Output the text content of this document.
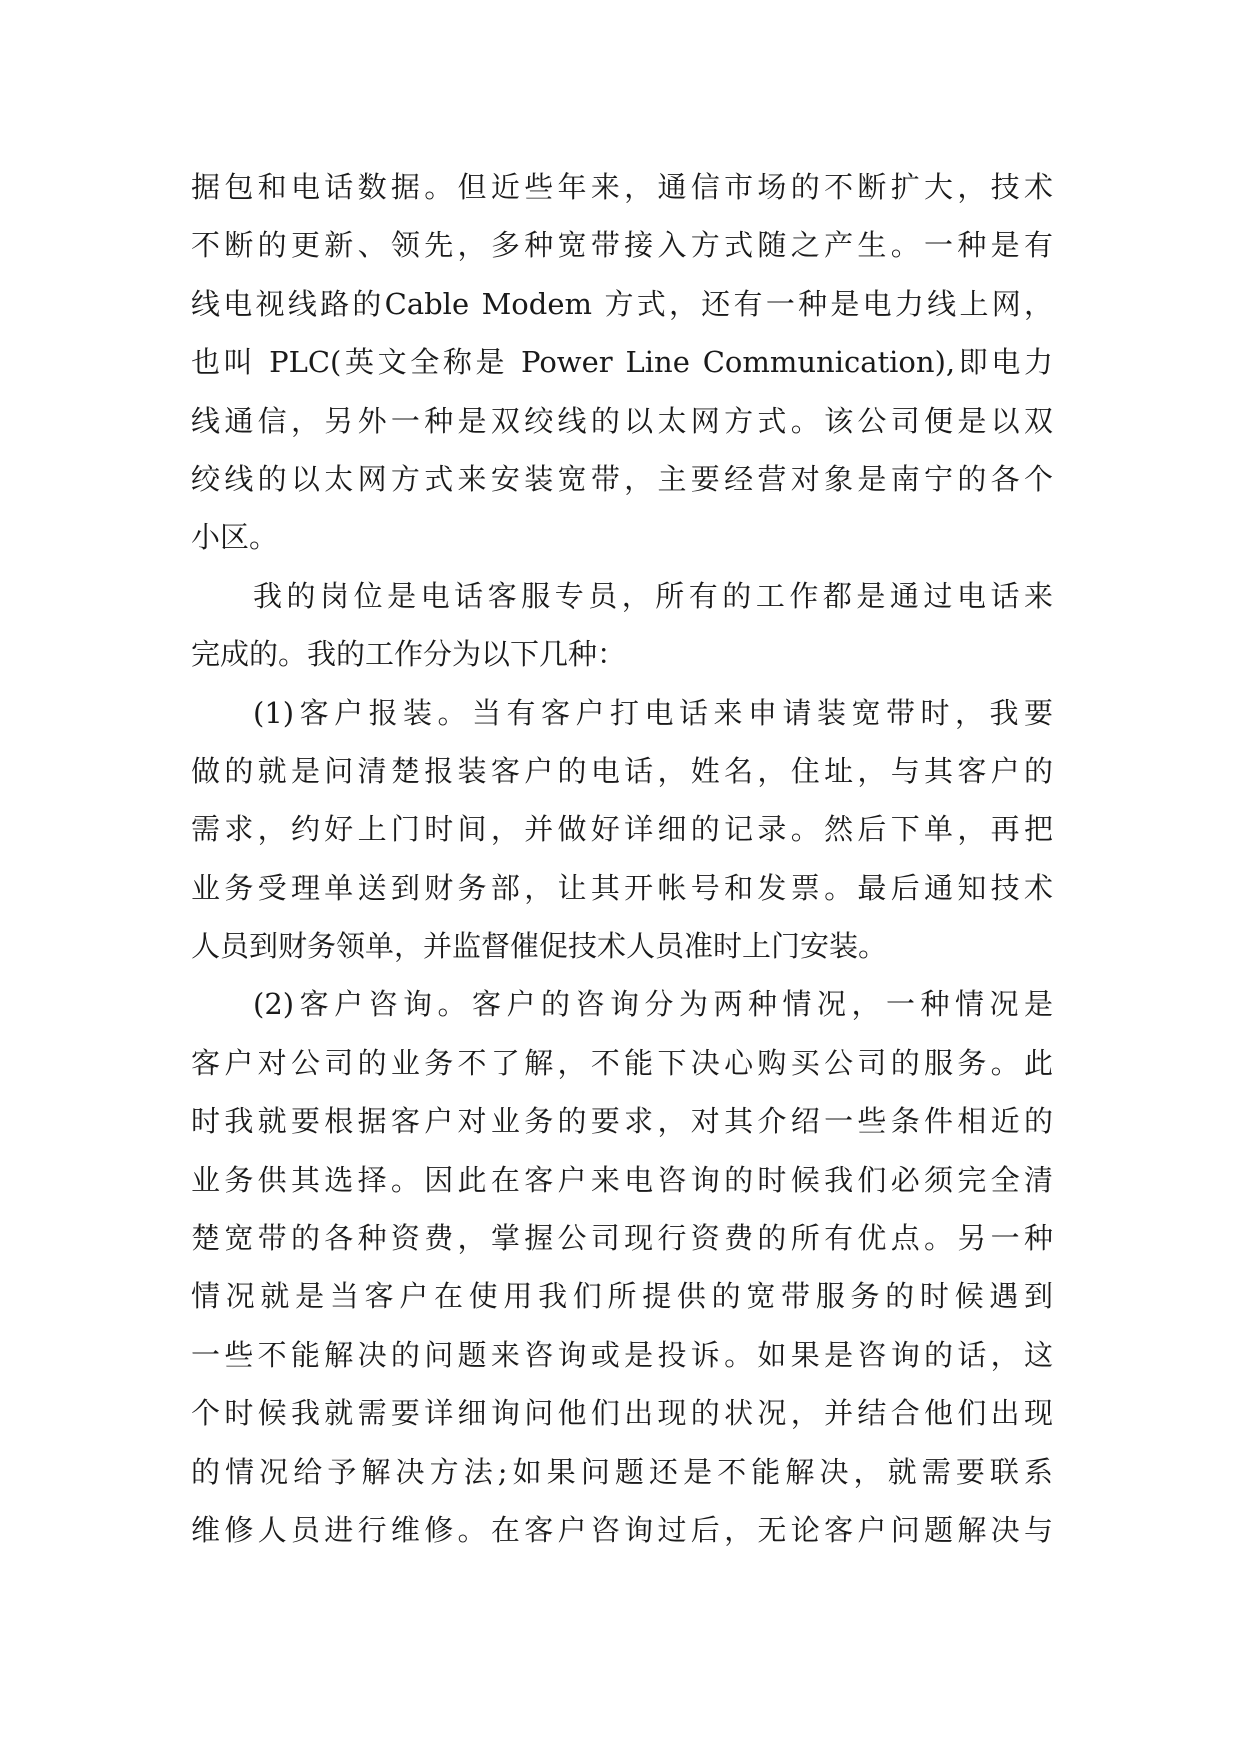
据包和电话数据。但近些年来，通信市场的不断扩大，技术
不断的更新、领先，多种宽带接入方式随之产生。一种是有
线电视线路的Cable Modem 方式，还有一种是电力线上网，
也叫 PLC(英文全称是 Power Line Communication),即电力
线通信，另外一种是双绞线的以太网方式。该公司便是以双
绞线的以太网方式来安装宽带，主要经营对象是南宁的各个
小区。
我的岗位是电话客服专员，所有的工作都是通过电话来
完成的。我的工作分为以下几种：
(1)客户报装。当有客户打电话来申请装宽带时，我要
做的就是问清楚报装客户的电话，姓名，住址，与其客户的
需求，约好上门时间，并做好详细的记录。然后下单，再把
业务受理单送到财务部，让其开帐号和发票。最后通知技术
人员到财务领单，并监督催促技术人员准时上门安装。
(2)客户咨询。客户的咨询分为两种情况，一种情况是
客户对公司的业务不了解，不能下决心购买公司的服务。此
时我就要根据客户对业务的要求，对其介绍一些条件相近的
业务供其选择。因此在客户来电咨询的时候我们必须完全清
楚宽带的各种资费，掌握公司现行资费的所有优点。另一种
情况就是当客户在使用我们所提供的宽带服务的时候遇到
一些不能解决的问题来咨询或是投诉。如果是咨询的话，这
个时候我就需要详细询问他们出现的状况，并结合他们出现
的情况给予解决方法;如果问题还是不能解决，就需要联系
维修人员进行维修。在客户咨询过后，无论客户问题解决与
